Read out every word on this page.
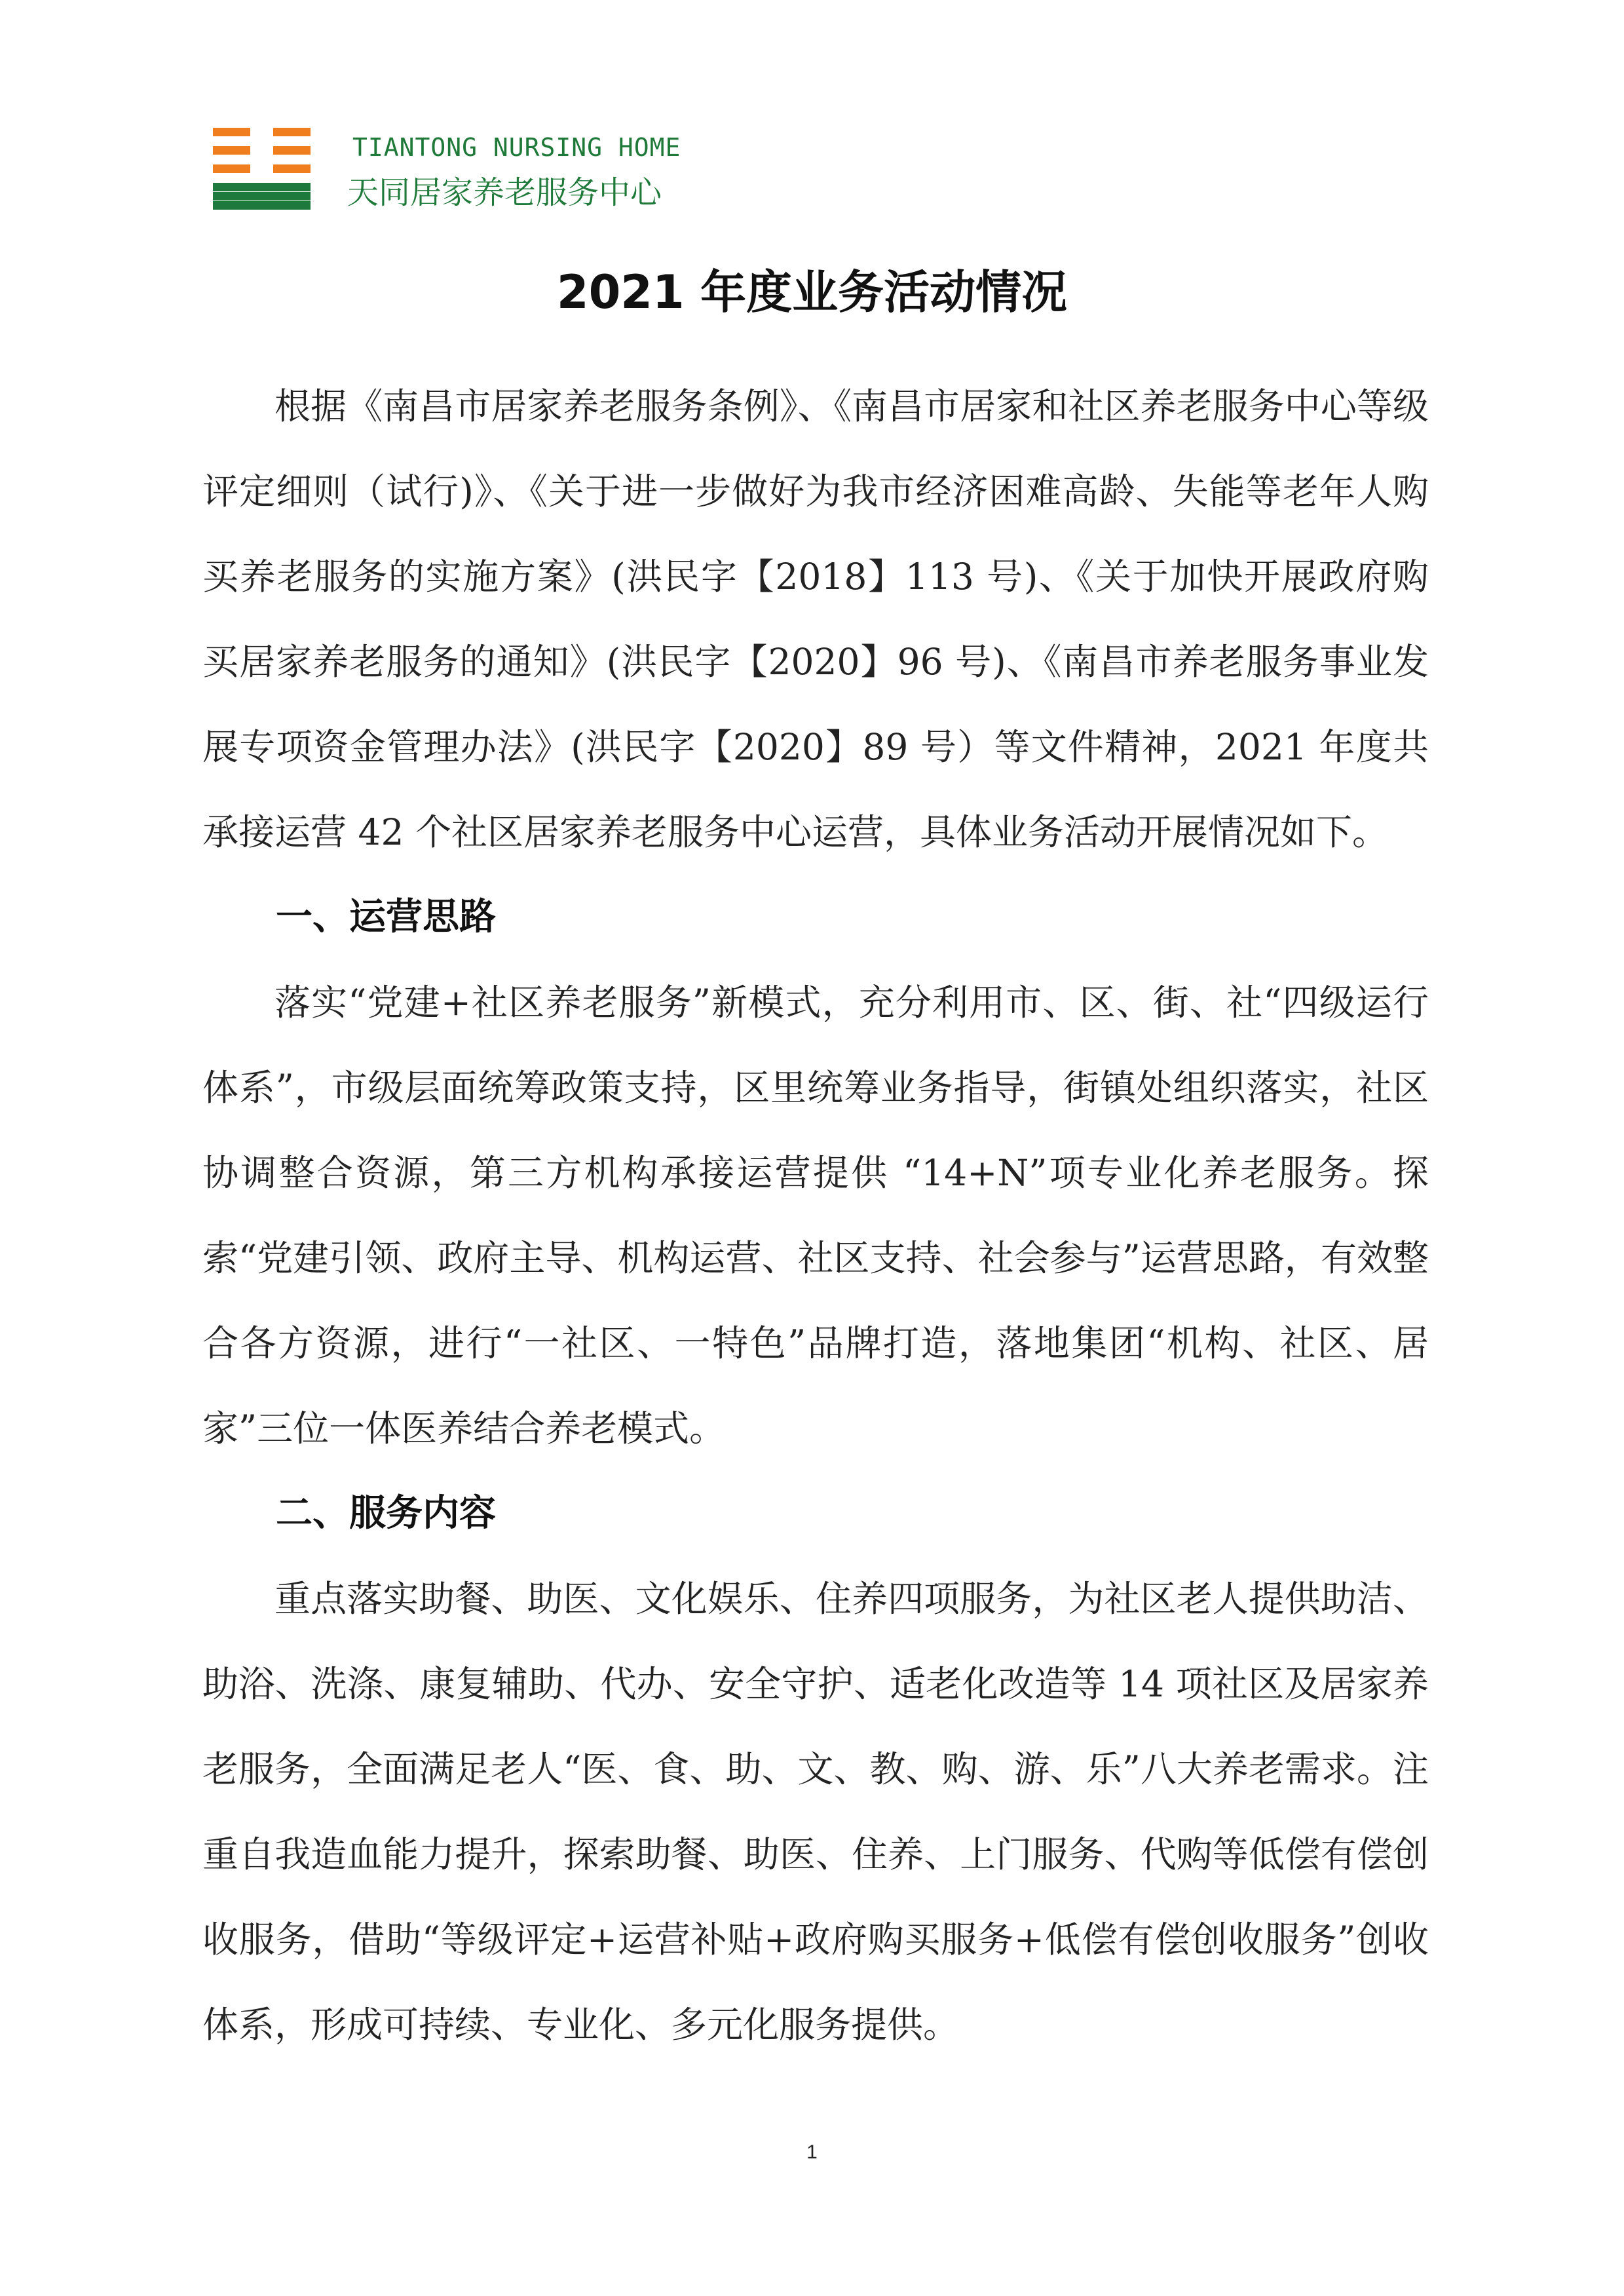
TIANTONG NURSING HOME
天同居家养老服务中心
2021 年度业务活动情况

根据《南昌市居家养老服务条例》、《南昌市居家和社区养老服务中心等级评定细则（试行)》、《关于进一步做好为我市经济困难高龄、失能等老年人购买养老服务的实施方案》(洪民字【2018】113 号)、《关于加快开展政府购买居家养老服务的通知》(洪民字【2020】96 号)、《南昌市养老服务事业发展专项资金管理办法》(洪民字【2020】89 号）等文件精神，2021 年度共承接运营 42 个社区居家养老服务中心运营，具体业务活动开展情况如下。

一、运营思路

落实“党建+社区养老服务”新模式，充分利用市、区、街、社“四级运行体系”，市级层面统筹政策支持，区里统筹业务指导，街镇处组织落实，社区协调整合资源，第三方机构承接运营提供 “14+N”项专业化养老服务。探索“党建引领、政府主导、机构运营、社区支持、社会参与”运营思路，有效整合各方资源，进行“一社区、一特色”品牌打造，落地集团“机构、社区、居家”三位一体医养结合养老模式。

二、服务内容

重点落实助餐、助医、文化娱乐、住养四项服务，为社区老人提供助洁、助浴、洗涤、康复辅助、代办、安全守护、适老化改造等 14 项社区及居家养老服务，全面满足老人“医、食、助、文、教、购、游、乐”八大养老需求。注重自我造血能力提升，探索助餐、助医、住养、上门服务、代购等低偿有偿创收服务，借助“等级评定+运营补贴+政府购买服务+低偿有偿创收服务”创收体系，形成可持续、专业化、多元化服务提供。

1
